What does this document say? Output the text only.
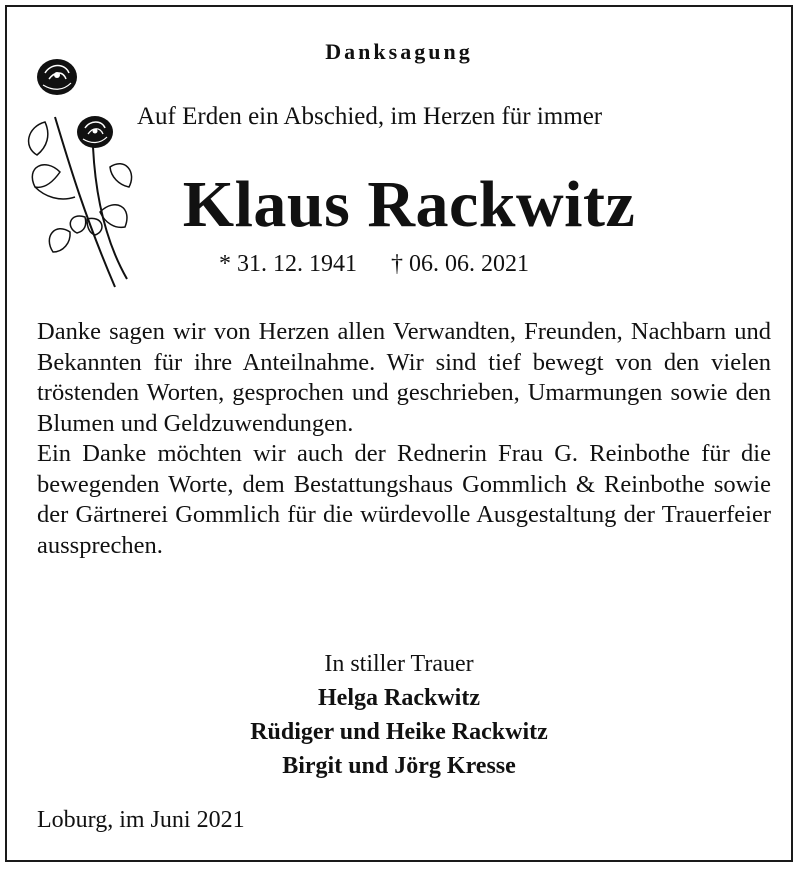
Danksagung
Auf Erden ein Abschied, im Herzen für immer
Klaus Rackwitz
* 31. 12. 1941 † 06. 06. 2021

Danke sagen wir von Herzen allen Verwandten, Freunden, Nachbarn und Bekannten für ihre Anteilnahme. Wir sind tief bewegt von den vielen tröstenden Worten, gesprochen und geschrieben, Umarmungen sowie den Blumen und Geldzuwendungen.

Ein Danke möchten wir auch der Rednerin Frau G. Reinbothe für die bewegenden Worte, dem Bestattungshaus Gommlich & Reinbothe sowie der Gärtnerei Gommlich für die würdevolle Ausgestaltung der Trauerfeier aussprechen.

In stiller Trauer
Helga Rackwitz
Rüdiger und Heike Rackwitz
Birgit und Jörg Kresse
Loburg, im Juni 2021
